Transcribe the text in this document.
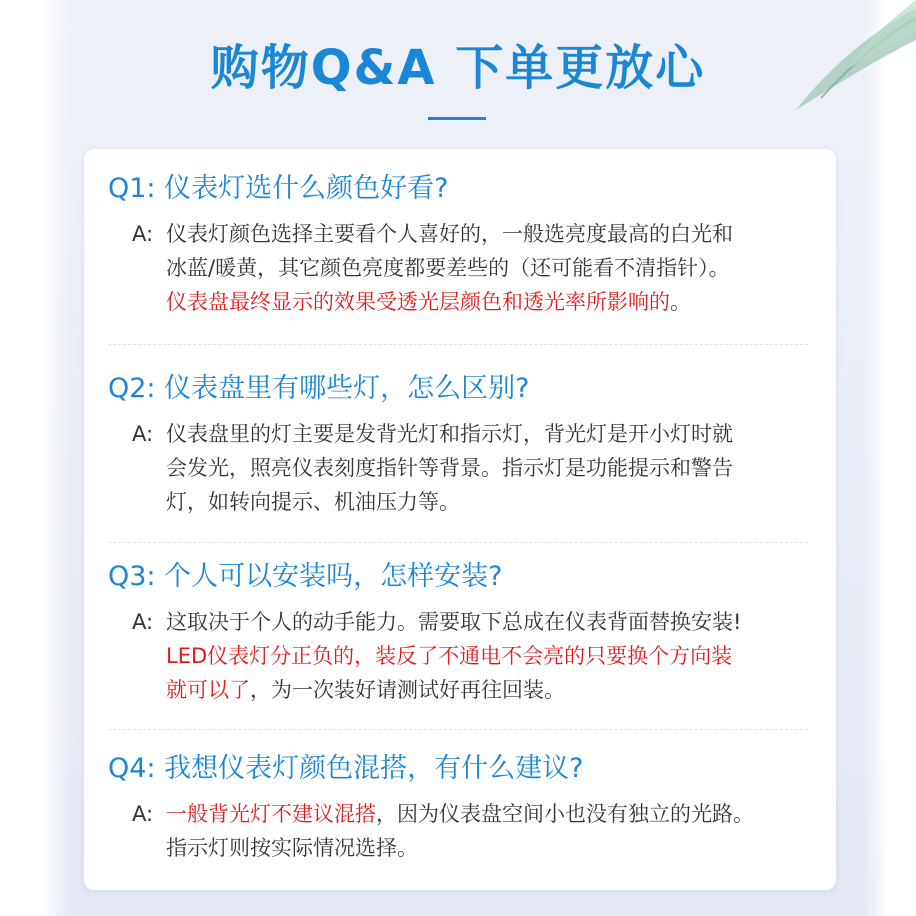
购物Q&A 下单更放心

Q1: 仪表灯选什么颜色好看?

A: 仪表灯颜色选择主要看个人喜好的，一般选亮度最高的白光和
冰蓝/暖黄，其它颜色亮度都要差些的（还可能看不清指针）。
仪表盘最终显示的效果受透光层颜色和透光率所影响的。

Q2: 仪表盘里有哪些灯，怎么区别?

A: 仪表盘里的灯主要是发背光灯和指示灯，背光灯是开小灯时就
会发光，照亮仪表刻度指针等背景。指示灯是功能提示和警告
灯，如转向提示、机油压力等。

Q3: 个人可以安装吗，怎样安装?

A: 这取决于个人的动手能力。需要取下总成在仪表背面替换安装!
LED仪表灯分正负的，装反了不通电不会亮的只要换个方向装
就可以了，为一次装好请测试好再往回装。

Q4: 我想仪表灯颜色混搭，有什么建议?

A: 一般背光灯不建议混搭，因为仪表盘空间小也没有独立的光路。
指示灯则按实际情况选择。
